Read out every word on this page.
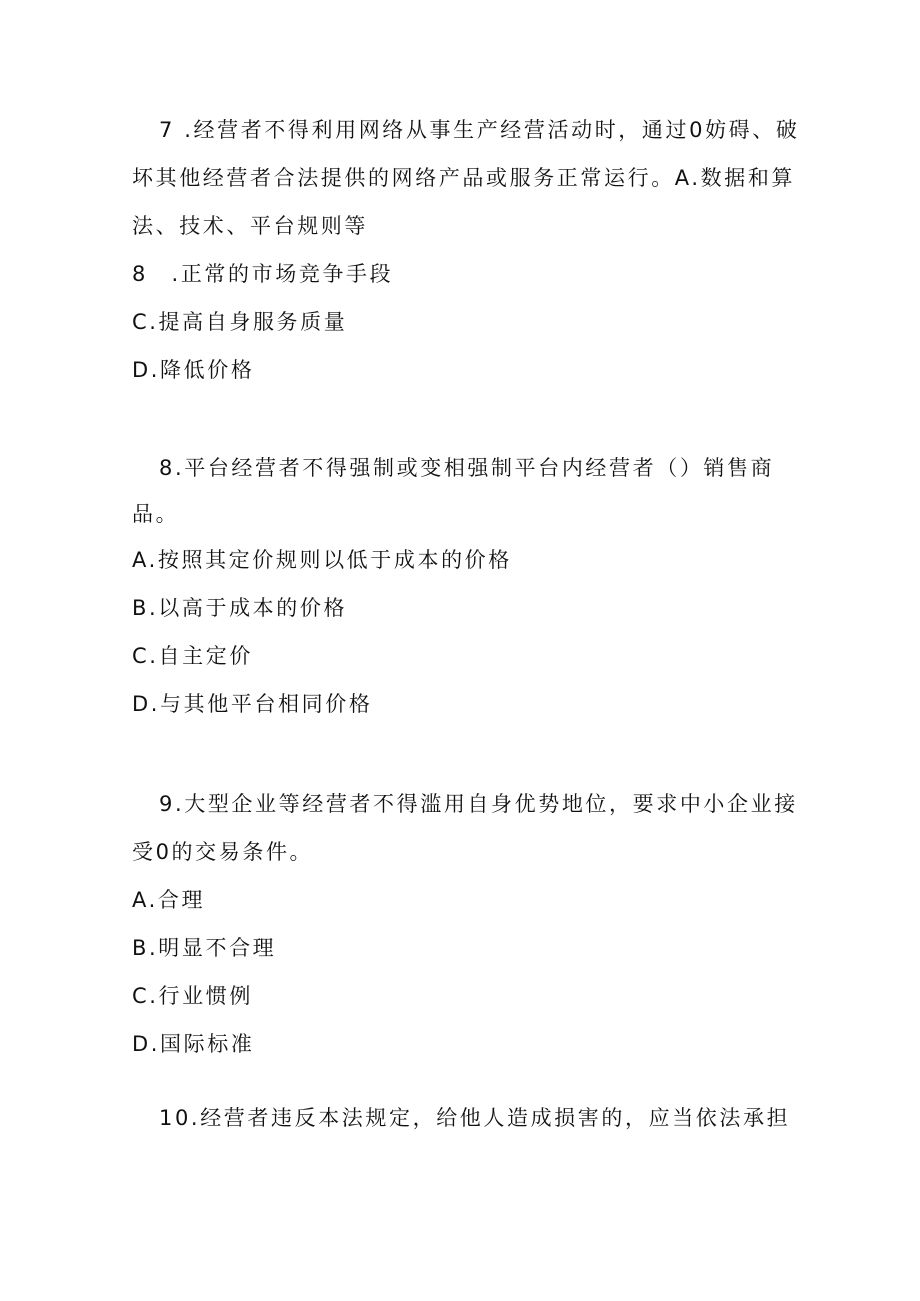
7 .经营者不得利用网络从事生产经营活动时，通过0妨碍、破
坏其他经营者合法提供的网络产品或服务正常运行。A.数据和算
法、技术、平台规则等
8　.正常的市场竞争手段
C.提高自身服务质量
D.降低价格
8.平台经营者不得强制或变相强制平台内经营者（）销售商
品。
A.按照其定价规则以低于成本的价格
B.以高于成本的价格
C.自主定价
D.与其他平台相同价格
9.大型企业等经营者不得滥用自身优势地位，要求中小企业接
受0的交易条件。
A.合理
B.明显不合理
C.行业惯例
D.国际标准
10.经营者违反本法规定，给他人造成损害的，应当依法承担
